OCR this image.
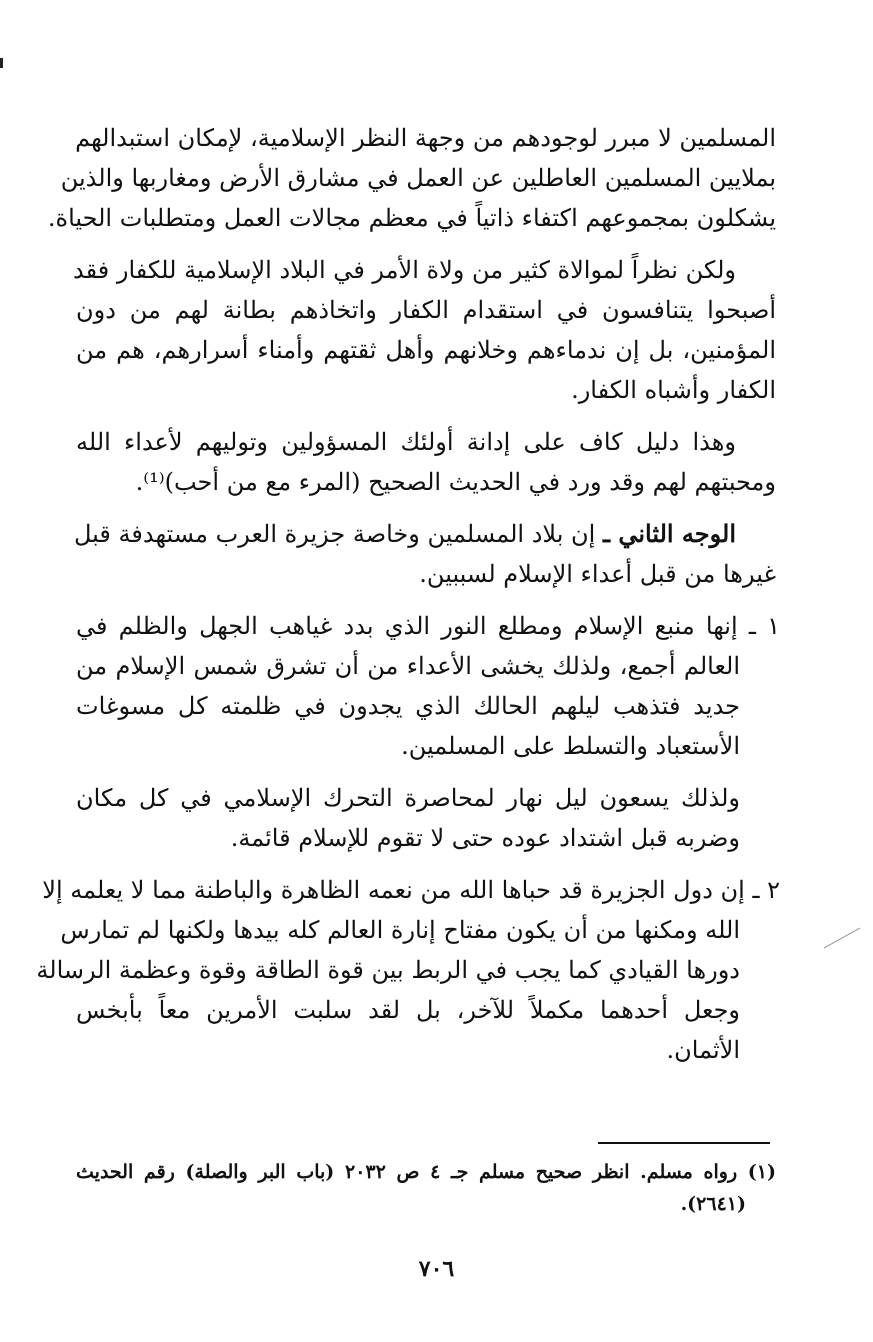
المسلمين لا مبرر لوجودهم من وجهة النظر الإسلامية، لإمكان استبدالهم
بملايين المسلمين العاطلين عن العمل في مشارق الأرض ومغاربها والذين
يشكلون بمجموعهم اكتفاء ذاتياً في معظم مجالات العمل ومتطلبات الحياة.
ولكن نظراً لموالاة كثير من ولاة الأمر في البلاد الإسلامية للكفار فقد
أصبحوا يتنافسون في استقدام الكفار واتخاذهم بطانة لهم من دون
المؤمنين، بل إن ندماءهم وخلانهم وأهل ثقتهم وأمناء أسرارهم، هم من
الكفار وأشباه الكفار.
وهذا دليل كاف على إدانة أولئك المسؤولين وتوليهم لأعداء الله
ومحبتهم لهم وقد ورد في الحديث الصحيح (المرء مع من أحب)⁽¹⁾.
الوجه الثاني ـ إن بلاد المسلمين وخاصة جزيرة العرب مستهدفة قبل
غيرها من قبل أعداء الإسلام لسببين.
١ ـ إنها منبع الإسلام ومطلع النور الذي بدد غياهب الجهل والظلم في
العالم أجمع، ولذلك يخشى الأعداء من أن تشرق شمس الإسلام من
جديد فتذهب ليلهم الحالك الذي يجدون في ظلمته كل مسوغات
الأستعباد والتسلط على المسلمين.
ولذلك يسعون ليل نهار لمحاصرة التحرك الإسلامي في كل مكان
وضربه قبل اشتداد عوده حتى لا تقوم للإسلام قائمة.
٢ ـ إن دول الجزيرة قد حباها الله من نعمه الظاهرة والباطنة مما لا يعلمه إلا
الله ومكنها من أن يكون مفتاح إنارة العالم كله بيدها ولكنها لم تمارس
دورها القيادي كما يجب في الربط بين قوة الطاقة وقوة وعظمة الرسالة
وجعل أحدهما مكملاً للآخر، بل لقد سلبت الأمرين معاً بأبخس
الأثمان.
(١) رواه مسلم. انظر صحيح مسلم جـ ٤ ص ٢٠٣٢ (باب البر والصلة) رقم الحديث
(٢٦٤١).
٧٠٦
